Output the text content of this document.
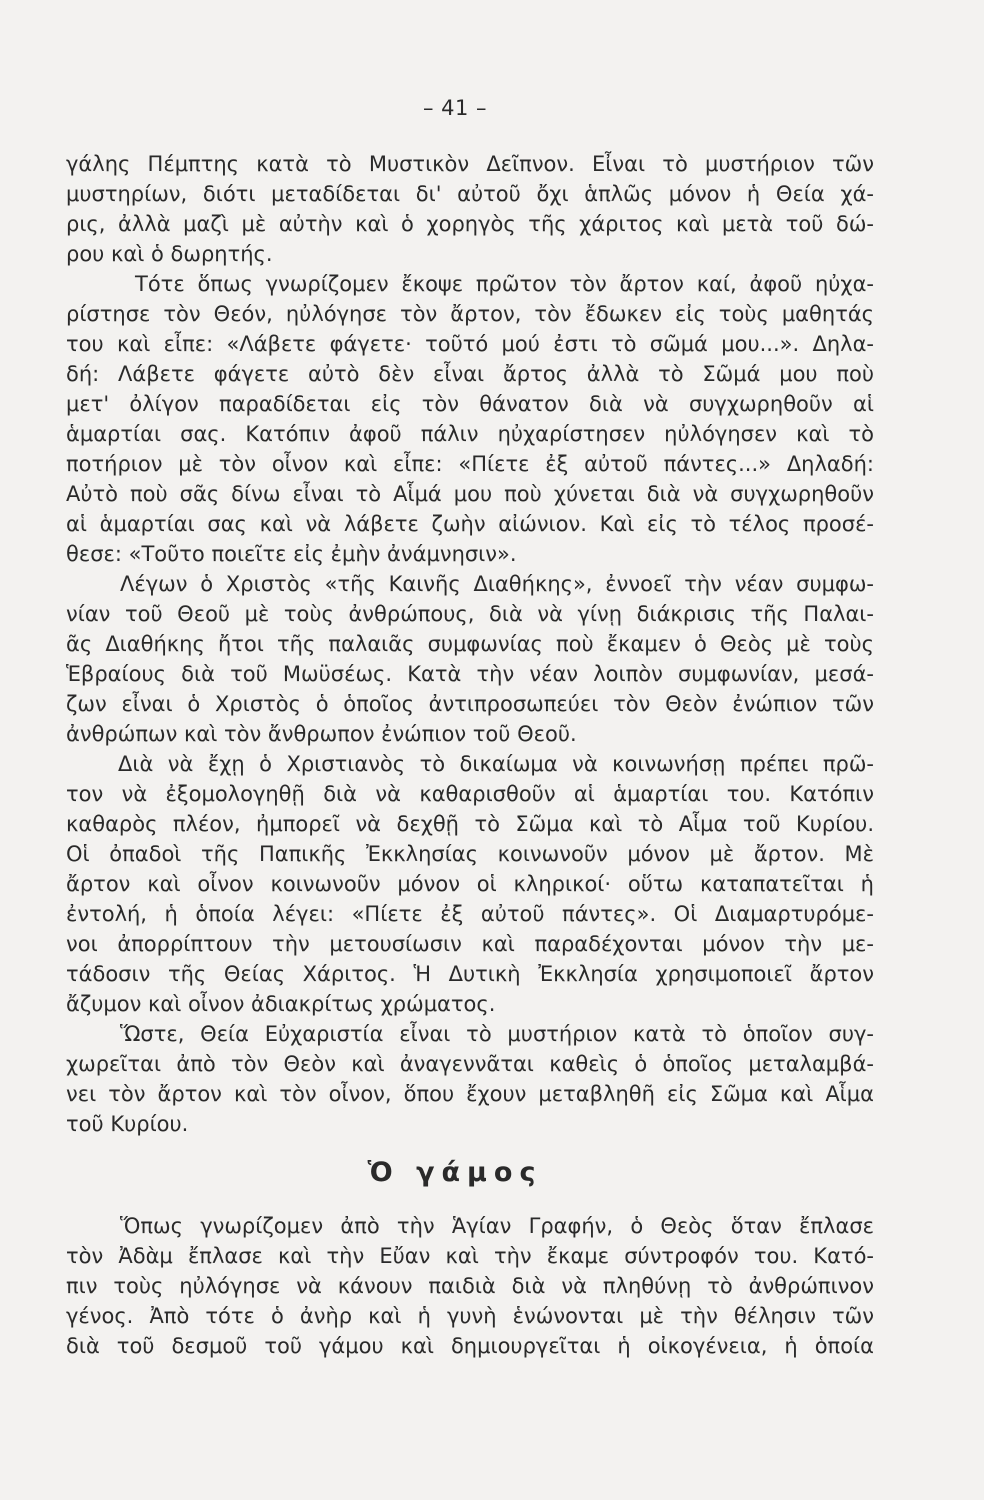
– 41 –
γάλης Πέμπτης κατὰ τὸ Μυστικὸν Δεῖπνον. Εἶναι τὸ μυστήριον τῶν
μυστηρίων, διότι μεταδίδεται δι' αὐτοῦ ὄχι ἁπλῶς μόνον ἡ Θεία χά-
ρις, ἀλλὰ μαζὶ μὲ αὐτὴν καὶ ὁ χορηγὸς τῆς χάριτος καὶ μετὰ τοῦ δώ-
ρου καὶ ὁ δωρητής.
Τότε ὅπως γνωρίζομεν ἔκοψε πρῶτον τὸν ἄρτον καί, ἀφοῦ ηὐχα-
ρίστησε τὸν Θεόν, ηὐλόγησε τὸν ἄρτον, τὸν ἔδωκεν εἰς τοὺς μαθητάς
του καὶ εἶπε: «Λάβετε φάγετε· τοῦτό μού ἐστι τὸ σῶμά μου...». Δηλα-
δή: Λάβετε φάγετε αὐτὸ δὲν εἶναι ἄρτος ἀλλὰ τὸ Σῶμά μου ποὺ
μετ' ὀλίγον παραδίδεται εἰς τὸν θάνατον διὰ νὰ συγχωρηθοῦν αἱ
ἁμαρτίαι σας. Κατόπιν ἀφοῦ πάλιν ηὐχαρίστησεν ηὐλόγησεν καὶ τὸ
ποτήριον μὲ τὸν οἶνον καὶ εἶπε: «Πίετε ἐξ αὐτοῦ πάντες...» Δηλαδή:
Αὐτὸ ποὺ σᾶς δίνω εἶναι τὸ Αἷμά μου ποὺ χύνεται διὰ νὰ συγχωρηθοῦν
αἱ ἁμαρτίαι σας καὶ νὰ λάβετε ζωὴν αἰώνιον. Καὶ εἰς τὸ τέλος προσέ-
θεσε: «Τοῦτο ποιεῖτε εἰς ἐμὴν ἀνάμνησιν».
Λέγων ὁ Χριστὸς «τῆς Καινῆς Διαθήκης», ἐννοεῖ τὴν νέαν συμφω-
νίαν τοῦ Θεοῦ μὲ τοὺς ἀνθρώπους, διὰ νὰ γίνῃ διάκρισις τῆς Παλαι-
ᾶς Διαθήκης ἤτοι τῆς παλαιᾶς συμφωνίας ποὺ ἔκαμεν ὁ Θεὸς μὲ τοὺς
Ἑβραίους διὰ τοῦ Μωϋσέως. Κατὰ τὴν νέαν λοιπὸν συμφωνίαν, μεσά-
ζων εἶναι ὁ Χριστὸς ὁ ὁποῖος ἀντιπροσωπεύει τὸν Θεὸν ἐνώπιον τῶν
ἀνθρώπων καὶ τὸν ἄνθρωπον ἐνώπιον τοῦ Θεοῦ.
Διὰ νὰ ἔχῃ ὁ Χριστιανὸς τὸ δικαίωμα νὰ κοινωνήσῃ πρέπει πρῶ-
τον νὰ ἐξομολογηθῇ διὰ νὰ καθαρισθοῦν αἱ ἁμαρτίαι του. Κατόπιν
καθαρὸς πλέον, ἠμπορεῖ νὰ δεχθῇ τὸ Σῶμα καὶ τὸ Αἷμα τοῦ Κυρίου.
Οἱ ὀπαδοὶ τῆς Παπικῆς Ἐκκλησίας κοινωνοῦν μόνον μὲ ἄρτον. Μὲ
ἄρτον καὶ οἶνον κοινωνοῦν μόνον οἱ κληρικοί· οὕτω καταπατεῖται ἡ
ἐντολή, ἡ ὁποία λέγει: «Πίετε ἐξ αὐτοῦ πάντες». Οἱ Διαμαρτυρόμε-
νοι ἀπορρίπτουν τὴν μετουσίωσιν καὶ παραδέχονται μόνον τὴν με-
τάδοσιν τῆς Θείας Χάριτος. Ἡ Δυτικὴ Ἐκκλησία χρησιμοποιεῖ ἄρτον
ἄζυμον καὶ οἶνον ἀδιακρίτως χρώματος.
Ὥστε, Θεία Εὐχαριστία εἶναι τὸ μυστήριον κατὰ τὸ ὁποῖον συγ-
χωρεῖται ἀπὸ τὸν Θεὸν καὶ ἀναγεννᾶται καθεὶς ὁ ὁποῖος μεταλαμβά-
νει τὸν ἄρτον καὶ τὸν οἶνον, ὅπου ἔχουν μεταβληθῆ εἰς Σῶμα καὶ Αἷμα
τοῦ Κυρίου.
Ὁ γάμος
Ὅπως γνωρίζομεν ἀπὸ τὴν Ἁγίαν Γραφήν, ὁ Θεὸς ὅταν ἔπλασε
τὸν Ἀδὰμ ἔπλασε καὶ τὴν Εὔαν καὶ τὴν ἔκαμε σύντροφόν του. Κατό-
πιν τοὺς ηὐλόγησε νὰ κάνουν παιδιὰ διὰ νὰ πληθύνῃ τὸ ἀνθρώπινον
γένος. Ἀπὸ τότε ὁ ἀνὴρ καὶ ἡ γυνὴ ἑνώνονται μὲ τὴν θέλησιν τῶν
διὰ τοῦ δεσμοῦ τοῦ γάμου καὶ δημιουργεῖται ἡ οἰκογένεια, ἡ ὁποία
